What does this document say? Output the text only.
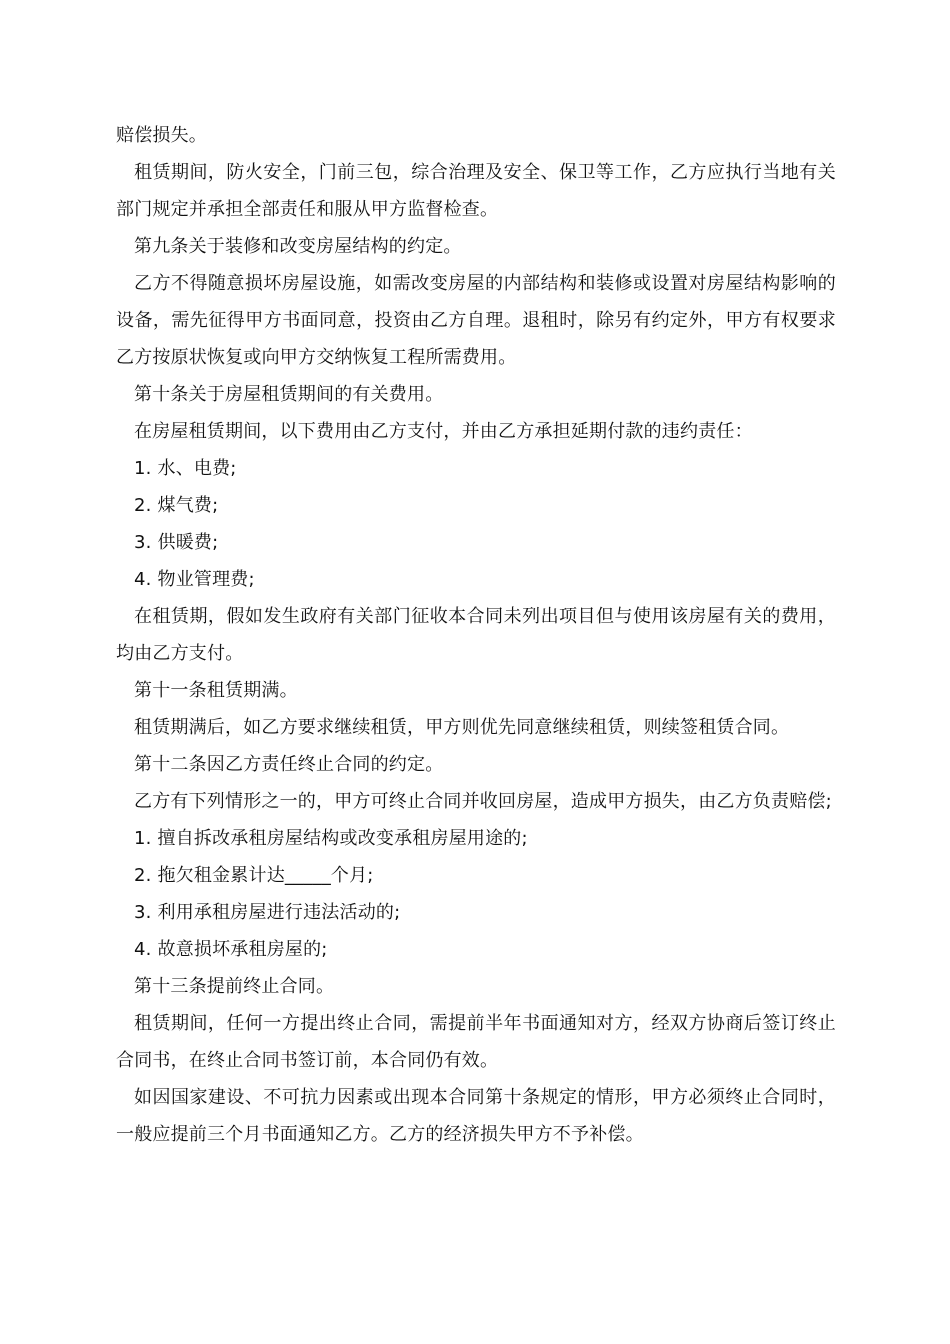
赔偿损失。

租赁期间，防火安全，门前三包，综合治理及安全、保卫等工作，乙方应执行当地有关部门规定并承担全部责任和服从甲方监督检查。

第九条关于装修和改变房屋结构的约定。

乙方不得随意损坏房屋设施，如需改变房屋的内部结构和装修或设置对房屋结构影响的设备，需先征得甲方书面同意，投资由乙方自理。退租时，除另有约定外，甲方有权要求乙方按原状恢复或向甲方交纳恢复工程所需费用。

第十条关于房屋租赁期间的有关费用。

在房屋租赁期间，以下费用由乙方支付，并由乙方承担延期付款的违约责任：

1. 水、电费;

2. 煤气费;

3. 供暖费;

4. 物业管理费;

在租赁期，假如发生政府有关部门征收本合同未列出项目但与使用该房屋有关的费用，均由乙方支付。

第十一条租赁期满。

租赁期满后，如乙方要求继续租赁，甲方则优先同意继续租赁，则续签租赁合同。

第十二条因乙方责任终止合同的约定。

乙方有下列情形之一的，甲方可终止合同并收回房屋，造成甲方损失，由乙方负责赔偿;

1. 擅自拆改承租房屋结构或改变承租房屋用途的;

2. 拖欠租金累计达_____个月;

3. 利用承租房屋进行违法活动的;

4. 故意损坏承租房屋的;

第十三条提前终止合同。

租赁期间，任何一方提出终止合同，需提前半年书面通知对方，经双方协商后签订终止合同书，在终止合同书签订前，本合同仍有效。

如因国家建设、不可抗力因素或出现本合同第十条规定的情形，甲方必须终止合同时，一般应提前三个月书面通知乙方。乙方的经济损失甲方不予补偿。
